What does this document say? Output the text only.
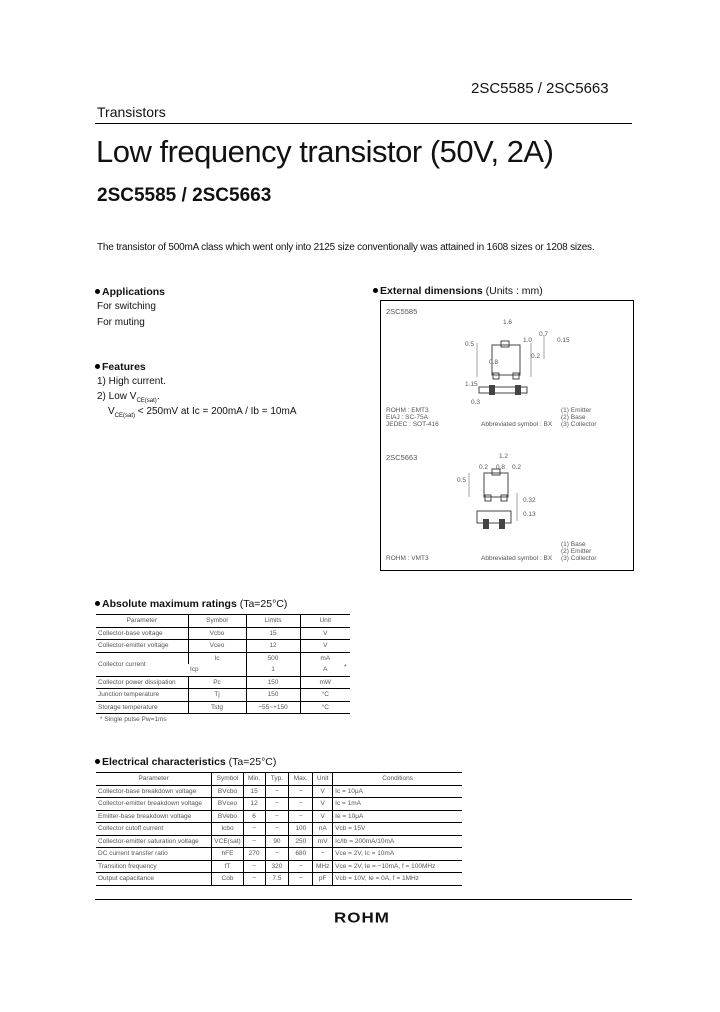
2SC5585 / 2SC5663
Transistors
Low frequency transistor (50V, 2A)
2SC5585 / 2SC5663
The transistor of 500mA class which went only into 2125 size conventionally was attained in 1608 sizes or 1208 sizes.
Applications
For switching
For muting
Features
1) High current.
2) Low $V_{CE(sat)}$.
$V_{CE(sat)} < 250mV$ at Ic = 200mA / Ib = 10mA
External dimensions (Units : mm)
2SC5585
1.6
0.8
1.0
0.2
0.5
0.15
0.7
0.3
1.15
ROHM : EMT3
EIAJ : SC-75A
JEDEC : SOT-416	Abbreviated symbol : BX
(1) Emitter
(2) Base
(3) Collector
2SC5663	1.2
0.2 0.8 0.2
0.32
0.13
0.5
(1) Base
(2) Emitter
(3) Collector
ROHM : VMT3	Abbreviated symbol : BX
Absolute maximum ratings (Ta=25°C)
Parameter	Symbol	Limits	Unit
Collector-base voltage	Vcbo	15	V
Collector-emitter voltage	Vceo	12	V
Collector current	Ic	500	mA
	Icp	1	A
Collector power dissipation	Pc	150	mW
Junction temperature	Tj	150	°C
Storage temperature	Tstg	−55~+150	°C
*
* Single pulse Pw=1ms
Electrical characteristics (Ta=25°C)
Parameter	Symbol	Min.	Typ.	Max.	Unit	Conditions
Collector-base breakdown voltage	BVcbo	15	−	−	V	Ic = 10μA
Collector-emitter breakdown voltage	BVceo	12	−	−	V	Ic = 1mA
Emitter-base breakdown voltage	BVebo	6	−	−	V	Ie = 10μA
Collector cutoff current	Icbo	−	−	100	nA	Vcb = 15V
Collector-emitter saturation voltage	VCE(sat)	−	90	250	mV	Ic/Ib = 200mA/10mA
DC current transfer ratio	hFE	270	−	680	−	Vce = 2V, Ic = 10mA
Transition frequency	fT	−	320	−	MHz	Vce = 2V, Ie = −10mA, f = 100MHz
Output capacitance	Cob	−	7.5	−	pF	Vcb = 10V, Ie = 0A, f = 1MHz
ROHM
